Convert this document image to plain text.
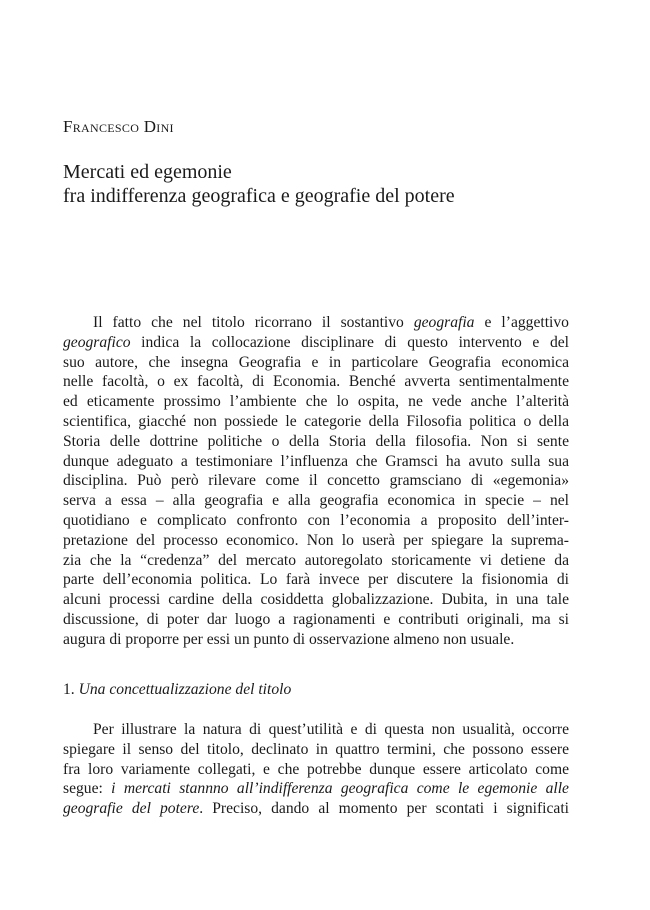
Francesco Dini
Mercati ed egemonie
fra indifferenza geografica e geografie del potere
Il fatto che nel titolo ricorrano il sostantivo geografia e l’aggettivo
geografico indica la collocazione disciplinare di questo intervento e del
suo autore, che insegna Geografia e in particolare Geografia economica
nelle facoltà, o ex facoltà, di Economia. Benché avverta sentimentalmente
ed eticamente prossimo l’ambiente che lo ospita, ne vede anche l’alterità
scientifica, giacché non possiede le categorie della Filosofia politica o della
Storia delle dottrine politiche o della Storia della filosofia. Non si sente
dunque adeguato a testimoniare l’influenza che Gramsci ha avuto sulla sua
disciplina. Può però rilevare come il concetto gramsciano di «egemonia»
serva a essa – alla geografia e alla geografia economica in specie – nel
quotidiano e complicato confronto con l’economia a proposito dell’inter-
pretazione del processo economico. Non lo userà per spiegare la suprema-
zia che la “credenza” del mercato autoregolato storicamente vi detiene da
parte dell’economia politica. Lo farà invece per discutere la fisionomia di
alcuni processi cardine della cosiddetta globalizzazione. Dubita, in una tale
discussione, di poter dar luogo a ragionamenti e contributi originali, ma si
augura di proporre per essi un punto di osservazione almeno non usuale.
1. Una concettualizzazione del titolo
Per illustrare la natura di quest’utilità e di questa non usualità, occorre
spiegare il senso del titolo, declinato in quattro termini, che possono essere
fra loro variamente collegati, e che potrebbe dunque essere articolato come
segue: i mercati stannno all’indifferenza geografica come le egemonie alle
geografie del potere. Preciso, dando al momento per scontati i significati
